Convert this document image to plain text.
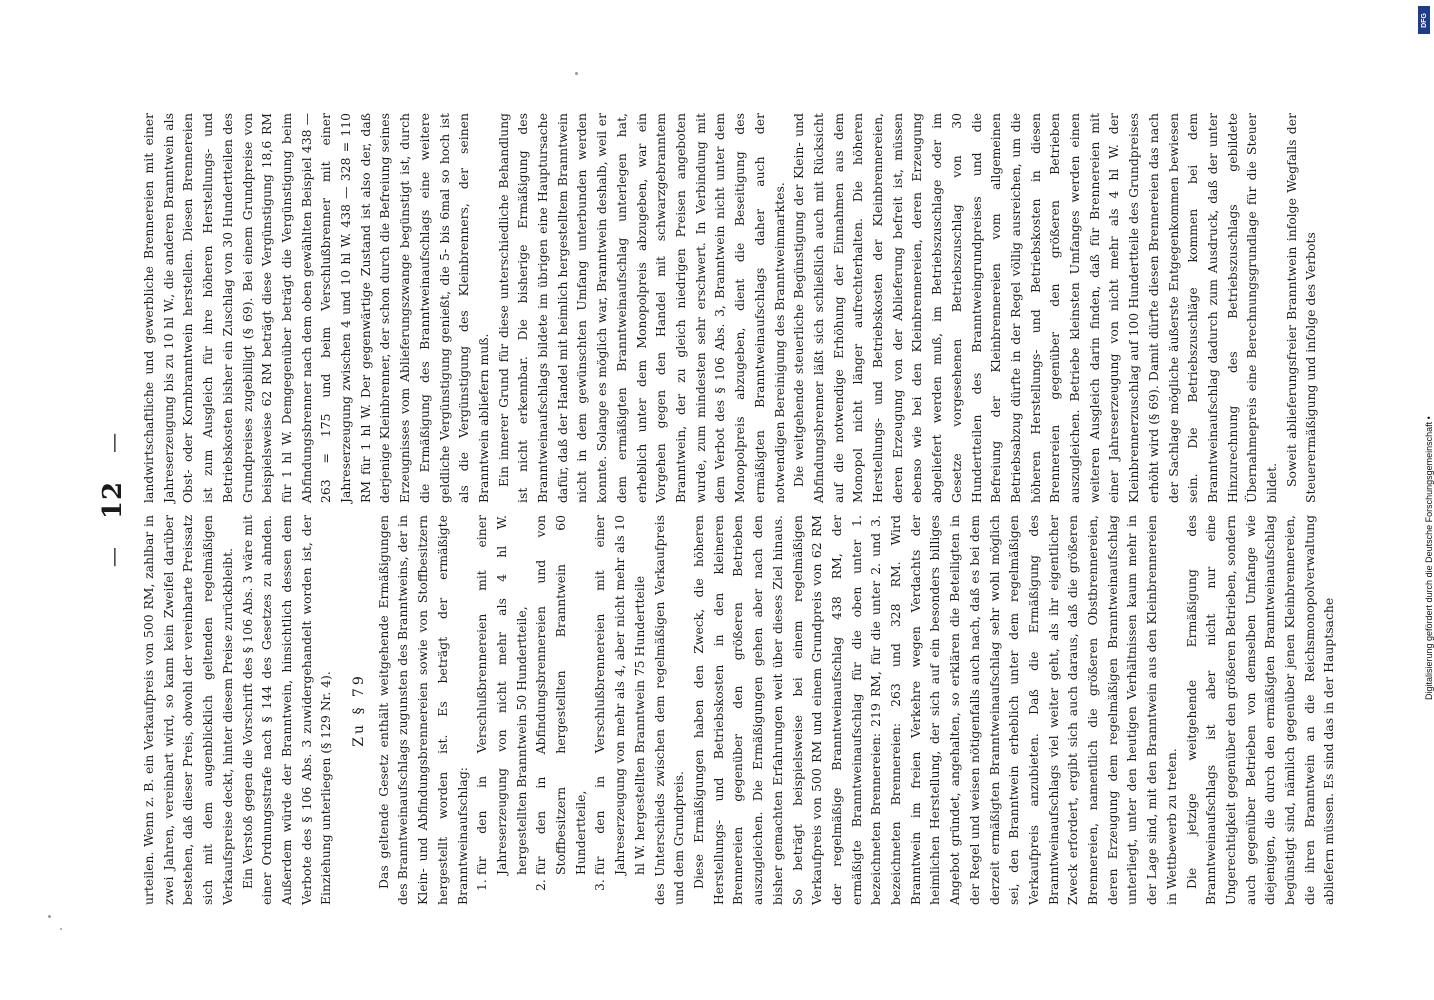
—
12
—

urteilen. Wenn z. B. ein Verkaufpreis von 500 RM, zahlbar in zwei Jahren, vereinbart wird, so kann kein Zweifel darüber bestehen, daß dieser Preis, obwohl der vereinbarte Preissatz sich mit dem augenblicklich geltenden regelmäßigen Verkaufspreise deckt, hinter diesem Preise zurückbleibt. Ein Verstoß gegen die Vorschrift des § 106 Abs. 3 wäre mit einer Ordnungsstrafe nach § 144 des Gesetzes zu ahnden. Außerdem würde der Branntwein, hinsichtlich dessen dem Verbote des § 106 Abs. 3 zuwidergehandelt worden ist, der Einziehung unterliegen (§ 129 Nr. 4). Zu § 79 Das geltende Gesetz enthält weitgehende Ermäßigungen des Branntweinaufschlags zugunsten des Branntweins, der in Klein- und Abfindungsbrennereien sowie von Stoffbesitzern hergestellt worden ist. Es beträgt der ermäßigte Branntweinaufschlag: 1.für den in Verschlußbrennereien mit einer Jahreserzeugung von nicht mehr als 4 hl W. hergestellten Branntwein 50 Hundertteile,
2.für den in Abfindungsbrennereien und von Stoffbesitzern hergestellten Branntwein 60 Hundertteile,
3.für den in Verschlußbrennereien mit einer Jahreserzeugung von mehr als 4, aber nicht mehr als 10 hl W. hergestellten Branntwein 75 Hundertteile des Unterschieds zwischen dem regelmäßigen Verkaufpreis und dem Grundpreis. Diese Ermäßigungen haben den Zweck, die höheren Herstellungs- und Betriebskosten in den kleineren Brennereien gegenüber den größeren Betrieben auszugleichen. Die Ermäßigungen gehen aber nach den bisher gemachten Erfahrungen weit über dieses Ziel hinaus. So beträgt beispielsweise bei einem regelmäßigen Verkaufpreis von 500 RM und einem Grundpreis von 62 RM der regelmäßige Branntweinaufschlag 438 RM, der ermäßigte Branntweinaufschlag für die oben unter 1. bezeichneten Brennereien: 219 RM, für die unter 2. und 3. bezeichneten Brennereien: 263 und 328 RM. Wird Branntwein im freien Verkehre wegen Verdachts der heimlichen Herstellung, der sich auf ein besonders billiges Angebot gründet, angehalten, so erklären die Beteiligten in der Regel und weisen nötigenfalls auch nach, daß es bei dem derzeit ermäßigten Branntweinaufschlag sehr wohl möglich sei, den Branntwein erheblich unter dem regelmäßigen Verkaufpreis anzubieten. Daß die Ermäßigung des Branntweinaufschlags viel weiter geht, als ihr eigentlicher Zweck erfordert, ergibt sich auch daraus, daß die größeren Brennereien, namentlich die größeren Obstbrennereien, deren Erzeugung dem regelmäßigen Branntweinaufschlag unterliegt, unter den heutigen Verhältnissen kaum mehr in der Lage sind, mit den Branntwein aus den Kleinbrennereien in Wettbewerb zu treten. Die jetzige weitgehende Ermäßigung des Branntweinaufschlags ist aber nicht nur eine Ungerechtigkeit gegenüber den größeren Betrieben, sondern auch gegenüber Betrieben von demselben Umfange wie diejenigen, die durch den ermäßigten Branntweinaufschlag begünstigt sind, nämlich gegenüber jenen Kleinbrennereien, die ihren Branntwein an die Reichsmonopolverwaltung abliefern müssen. Es sind das in der Hauptsache

landwirtschaftliche und gewerbliche Brennereien mit einer Jahreserzeugung bis zu 10 hl W., die anderen Branntwein als Obst- oder Kornbranntwein herstellen. Diesen Brennereien ist zum Ausgleich für ihre höheren Herstellungs- und Betriebskosten bisher ein Zuschlag von 30 Hundertteilen des Grundpreises zugebilligt (§ 69). Bei einem Grundpreise von beispielsweise 62 RM beträgt diese Vergünstigung 18,6 RM für 1 hl W. Demgegenüber beträgt die Vergünstigung beim Abfindungsbrenner nach dem oben gewählten Beispiel 438 — 263 = 175 und beim Verschlußbrenner mit einer Jahreserzeugung zwischen 4 und 10 hl W. 438 — 328 = 110 RM für 1 hl W. Der gegenwärtige Zustand ist also der, daß derjenige Kleinbrenner, der schon durch die Befreiung seines Erzeugnisses vom Ablieferungszwange begünstigt ist, durch die Ermäßigung des Branntweinaufschlags eine weitere geldliche Vergünstigung genießt, die 5- bis 6mal so hoch ist als die Vergünstigung des Kleinbrenners, der seinen Branntwein abliefern muß. Ein innerer Grund für diese unterschiedliche Behandlung ist nicht erkennbar. Die bisherige Ermäßigung des Branntweinaufschlags bildete im übrigen eine Hauptursache dafür, daß der Handel mit heimlich hergestelltem Branntwein nicht in dem gewünschten Umfang unterbunden werden konnte. Solange es möglich war, Branntwein deshalb, weil er dem ermäßigten Branntweinaufschlag unterlegen hat, erheblich unter dem Monopolpreis abzugeben, war ein Vorgehen gegen den Handel mit schwarzgebranntem Branntwein, der zu gleich niedrigen Preisen angeboten wurde, zum mindesten sehr erschwert. In Verbindung mit dem Verbot des § 106 Abs. 3, Branntwein nicht unter dem Monopolpreis abzugeben, dient die Beseitigung des ermäßigten Branntweinaufschlags daher auch der notwendigen Bereinigung des Branntweinmarktes. Die weitgehende steuerliche Begünstigung der Klein- und Abfindungsbrenner läßt sich schließlich auch mit Rücksicht auf die notwendige Erhöhung der Einnahmen aus dem Monopol nicht länger aufrechterhalten. Die höheren Herstellungs- und Betriebskosten der Kleinbrennereien, deren Erzeugung von der Ablieferung befreit ist, müssen ebenso wie bei den Kleinbrennereien, deren Erzeugung abgeliefert werden muß, im Betriebszuschlage oder im Gesetze vorgesehenen Betriebszuschlag von 30 Hundertteilen des Branntweingrundpreises und die Befreiung der Kleinbrennereien vom allgemeinen Betriebsabzug dürfte in der Regel völlig ausreichen, um die höheren Herstellungs- und Betriebskosten in diesen Brennereien gegenüber den größeren Betrieben auszugleichen. Betriebe kleinsten Umfanges werden einen weiteren Ausgleich darin finden, daß für Brennereien mit einer Jahreserzeugung von nicht mehr als 4 hl W. der Kleinbrennerzuschlag auf 100 Hundertteile des Grundpreises erhöht wird (§ 69). Damit dürfte diesen Brennereien das nach der Sachlage mögliche äußerste Entgegenkommen bewiesen sein. Die Betriebszuschläge kommen bei dem Branntweinaufschlag dadurch zum Ausdruck, daß der unter Hinzurechnung des Betriebszuschlags gebildete Übernahmepreis eine Berechnungsgrundlage für die Steuer bildet. Soweit ablieferungsfreier Branntwein infolge Wegfalls der Steuerermäßigung und infolge des Verbots

DFG
Digitalisierung gefördert durch die Deutsche Forschungsgemeinschaft •
